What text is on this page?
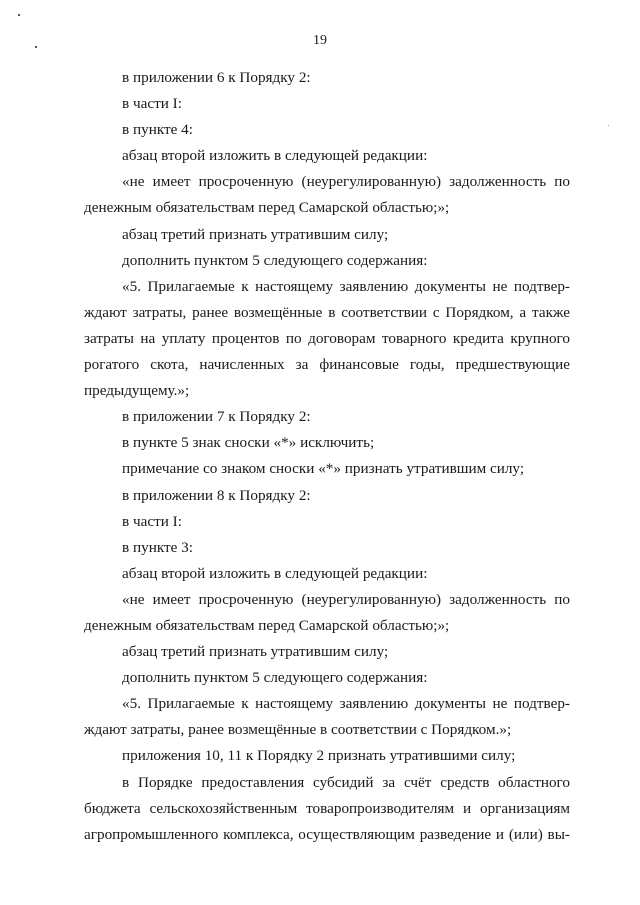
19
в приложении 6 к Порядку 2:
в части I:
в пункте 4:
абзац второй изложить в следующей редакции:
«не имеет просроченную (неурегулированную) задолженность по
денежным обязательствам перед Самарской областью;»;
абзац третий признать утратившим силу;
дополнить пунктом 5 следующего содержания:
«5. Прилагаемые к настоящему заявлению документы не подтвер-
ждают затраты, ранее возмещённые в соответствии с Порядком, а также
затраты на уплату процентов по договорам товарного кредита крупного
рогатого скота, начисленных за финансовые годы, предшествующие
предыдущему.»;
в приложении 7 к Порядку 2:
в пункте 5 знак сноски «*» исключить;
примечание со знаком сноски «*» признать утратившим силу;
в приложении 8 к Порядку 2:
в части I:
в пункте 3:
абзац второй изложить в следующей редакции:
«не имеет просроченную (неурегулированную) задолженность по
денежным обязательствам перед Самарской областью;»;
абзац третий признать утратившим силу;
дополнить пунктом 5 следующего содержания:
«5. Прилагаемые к настоящему заявлению документы не подтвер-
ждают затраты, ранее возмещённые в соответствии с Порядком.»;
приложения 10, 11 к Порядку 2 признать утратившими силу;
в Порядке предоставления субсидий за счёт средств областного
бюджета сельскохозяйственным товаропроизводителям и организациям
агропромышленного комплекса, осуществляющим разведение и (или) вы-
